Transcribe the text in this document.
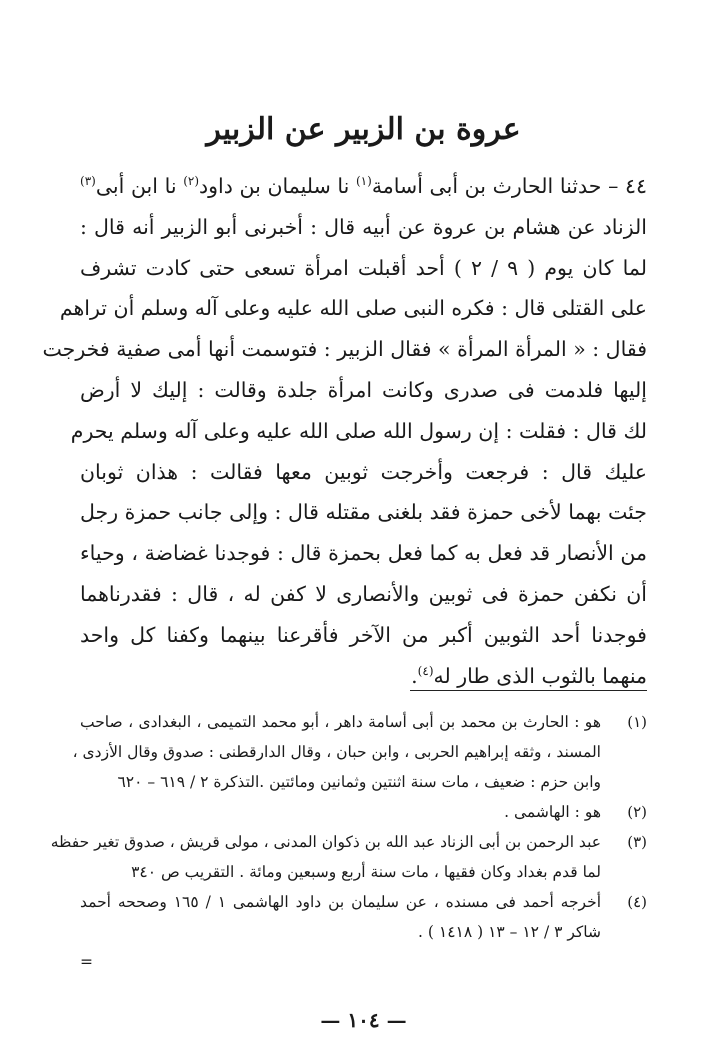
عروة بن الزبير عن الزبير
٤٤ – حدثنا الحارث بن أبى أسامة$^{(١)}$ نا سليمان بن داود$^{(٢)}$ نا ابن أبى$^{(٣)}$
الزناد عن هشام بن عروة عن أبيه قال : أخبرنى أبو الزبير أنه قال :
لما كان يوم ( ٩ / ٢ ) أحد أقبلت امرأة تسعى حتى كادت تشرف
على القتلى قال : فكره النبى صلى الله عليه وعلى آله وسلم أن تراهم
فقال : « المرأة المرأة » فقال الزبير : فتوسمت أنها أمى صفية فخرجت
إليها فلدمت فى صدرى وكانت امرأة جلدة وقالت : إليك لا أرض
لك قال : فقلت : إن رسول الله صلى الله عليه وعلى آله وسلم يحرم
عليك قال : فرجعت وأخرجت ثوبين معها فقالت : هذان ثوبان
جئت بهما لأخى حمزة فقد بلغنى مقتله قال : وإلى جانب حمزة رجل
من الأنصار قد فعل به كما فعل بحمزة قال : فوجدنا غضاضة ، وحياء
أن نكفن حمزة فى ثوبين والأنصارى لا كفن له ، قال : فقدرناهما
فوجدنا أحد الثوبين أكبر من الآخر فأقرعنا بينهما وكفنا كل واحد
منهما بالثوب الذى طار له$^{(٤)}$.
(١)
هو : الحارث بن محمد بن أبى أسامة داهر ، أبو محمد التميمى ، البغدادى ، صاحب
المسند ، وثقه إبراهيم الحربى ، وابن حبان ، وقال الدارقطنى : صدوق وقال الأزدى ،
وابن حزم : ضعيف ، مات سنة اثنتين وثمانين ومائتين .التذكرة ٢ / ٦١٩ – ٦٢٠
(٢)
هو : الهاشمى .
(٣)
عبد الرحمن بن أبى الزناد عبد الله بن ذكوان المدنى ، مولى قريش ، صدوق تغير حفظه
لما قدم بغداد وكان فقيها ، مات سنة أربع وسبعين ومائة . التقريب ص ٣٤٠
(٤)
أخرجه أحمد فى مسنده ، عن سليمان بن داود الهاشمى ١ / ١٦٥ وصححه أحمد
شاكر ٣ / ١٢ – ١٣ ( ١٤١٨ ) .
=
— ١٠٤ —
